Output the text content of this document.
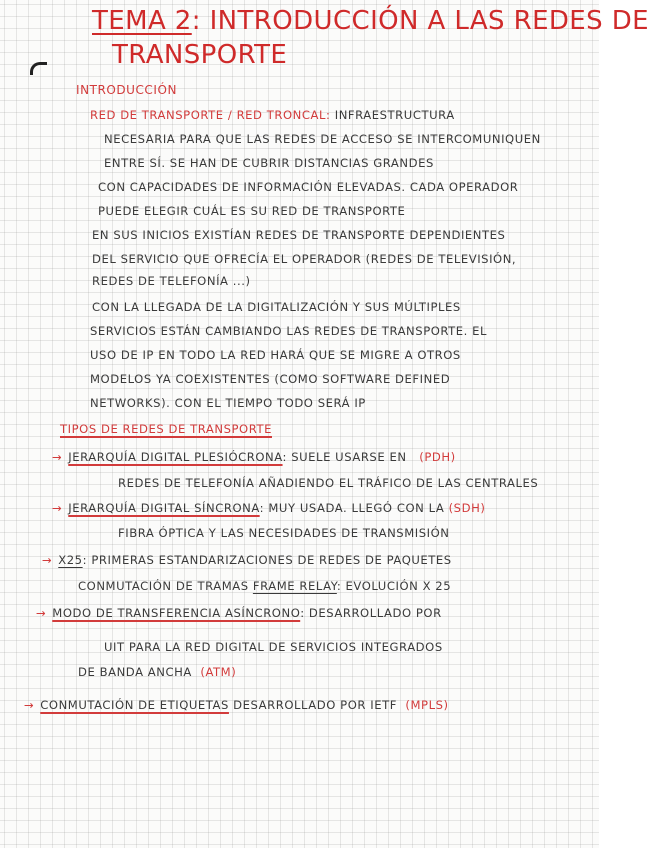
TEMA 2: INTRODUCCIÓN A LAS REDES DE
TRANSPORTE
INTRODUCCIÓN
RED DE TRANSPORTE / RED TRONCAL: INFRAESTRUCTURA
NECESARIA PARA QUE LAS REDES DE ACCESO SE INTERCOMUNIQUEN
ENTRE SÍ. SE HAN DE CUBRIR DISTANCIAS GRANDES
CON CAPACIDADES DE INFORMACIÓN ELEVADAS. CADA OPERADOR
PUEDE ELEGIR CUÁL ES SU RED DE TRANSPORTE
EN SUS INICIOS EXISTÍAN REDES DE TRANSPORTE DEPENDIENTES
DEL SERVICIO QUE OFRECÍA EL OPERADOR (REDES DE TELEVISIÓN,
REDES DE TELEFONÍA ...)
CON LA LLEGADA DE LA DIGITALIZACIÓN Y SUS MÚLTIPLES
SERVICIOS ESTÁN CAMBIANDO LAS REDES DE TRANSPORTE. EL
USO DE IP EN TODO LA RED HARÁ QUE SE MIGRE A OTROS
MODELOS YA COEXISTENTES (COMO SOFTWARE DEFINED
NETWORKS). CON EL TIEMPO TODO SERÁ IP
TIPOS DE REDES DE TRANSPORTE
→ JERARQUÍA DIGITAL PLESIÓCRONA: SUELE USARSE EN (PDH)
REDES DE TELEFONÍA AÑADIENDO EL TRÁFICO DE LAS CENTRALES
→ JERARQUÍA DIGITAL SÍNCRONA: MUY USADA. LLEGÓ CON LA (SDH)
FIBRA ÓPTICA Y LAS NECESIDADES DE TRANSMISIÓN
→ X25: PRIMERAS ESTANDARIZACIONES DE REDES DE PAQUETES
CONMUTACIÓN DE TRAMAS FRAME RELAY: EVOLUCIÓN X 25
→ MODO DE TRANSFERENCIA ASÍNCRONO: DESARROLLADO POR
UIT PARA LA RED DIGITAL DE SERVICIOS INTEGRADOS
DE BANDA ANCHA (ATM)
→ CONMUTACIÓN DE ETIQUETAS DESARROLLADO POR IETF (MPLS)
